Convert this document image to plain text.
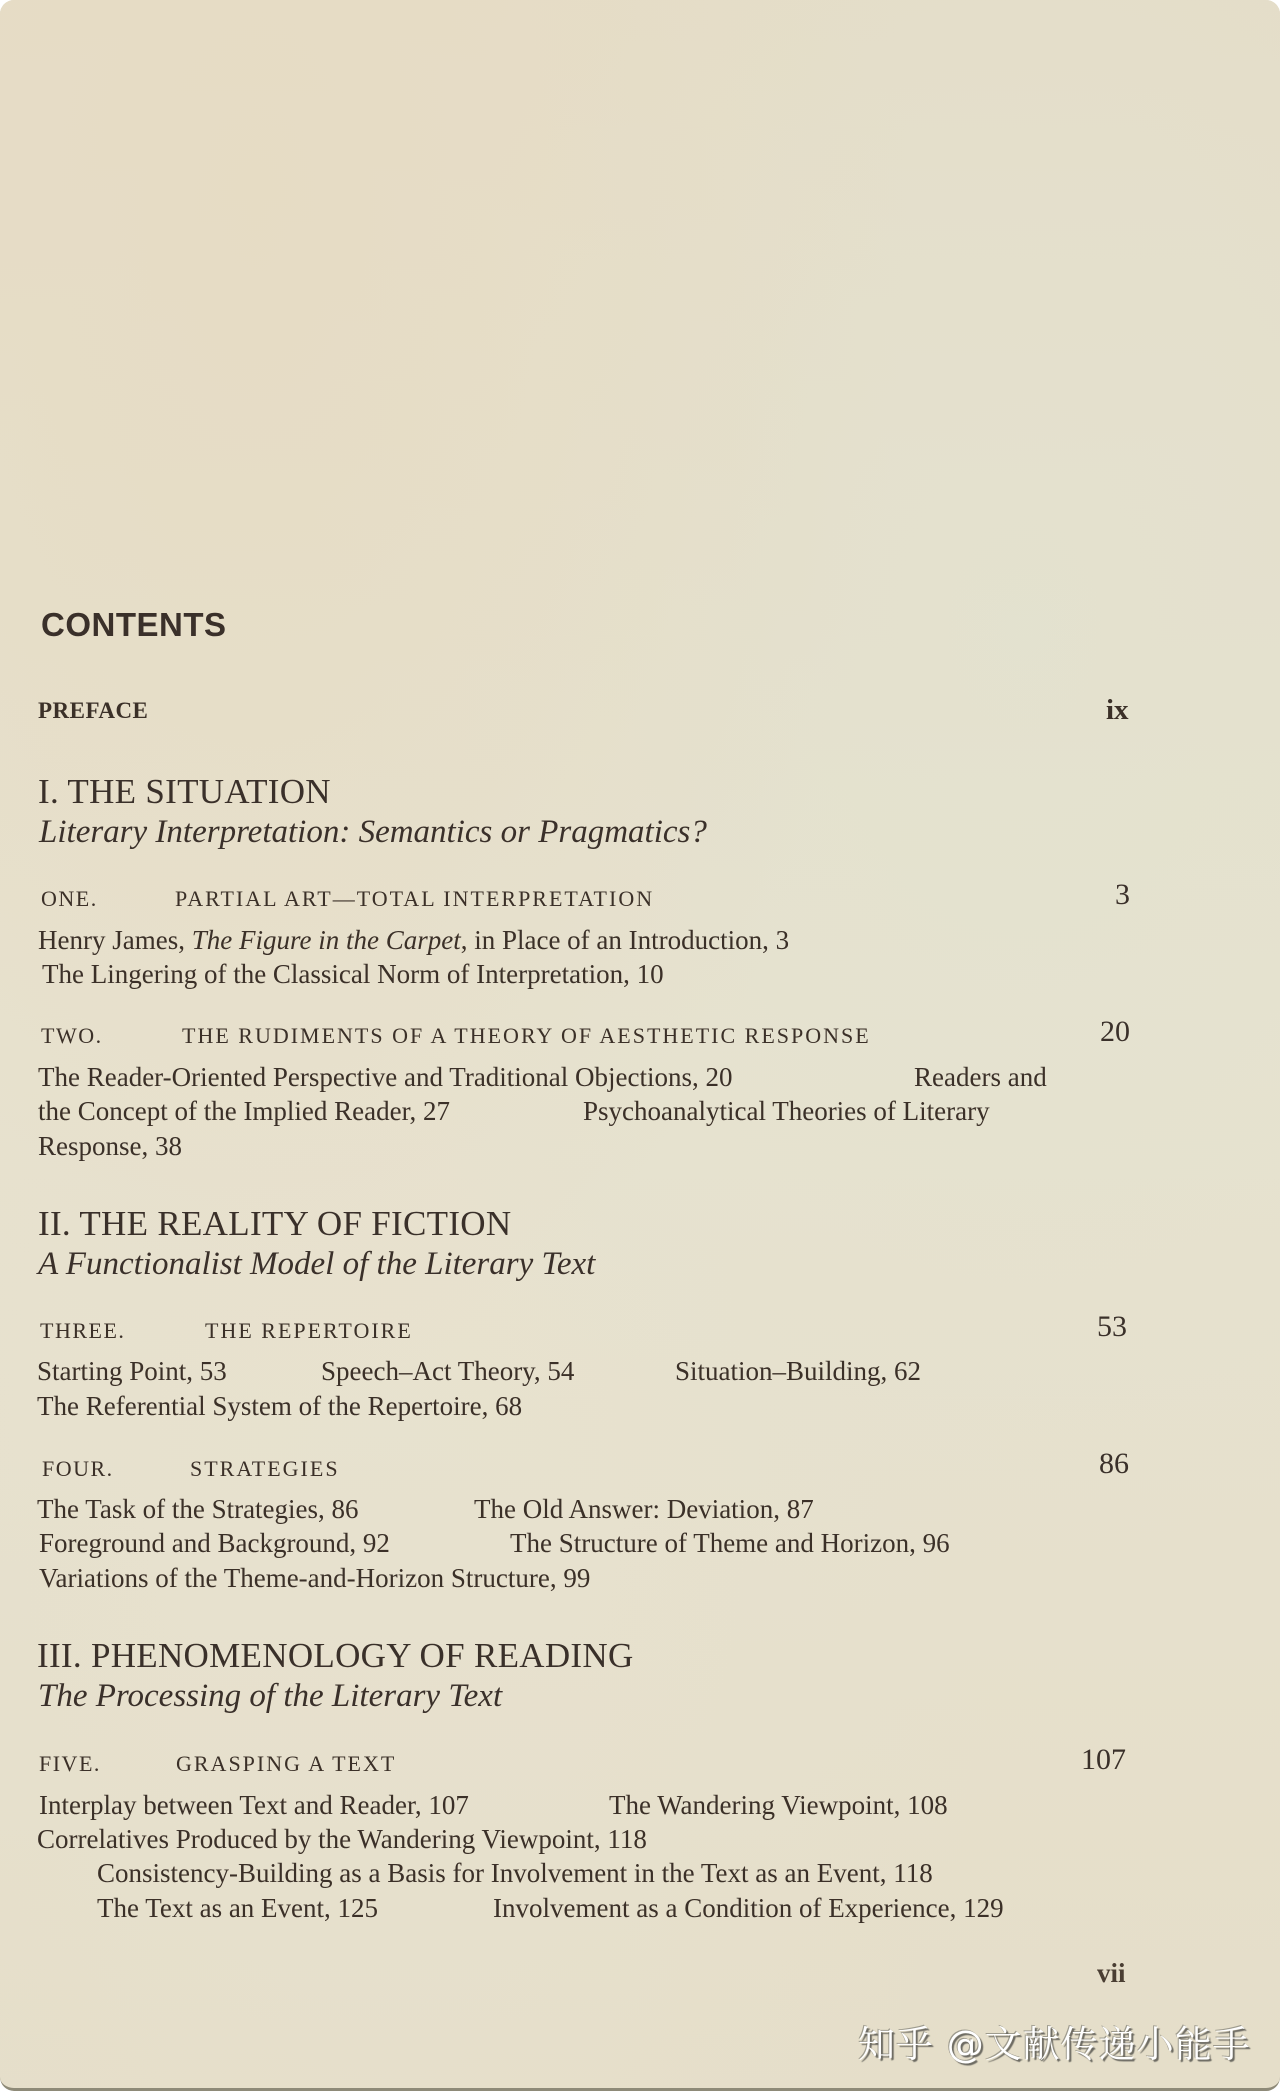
CONTENTS
PREFACE	ix
I. THE SITUATION
Literary Interpretation: Semantics or Pragmatics?
ONE.	PARTIAL ART—TOTAL INTERPRETATION	3
Henry James, The Figure in the Carpet, in Place of an Introduction, 3
The Lingering of the Classical Norm of Interpretation, 10
TWO.	THE RUDIMENTS OF A THEORY OF AESTHETIC RESPONSE	20
The Reader-Oriented Perspective and Traditional Objections, 20	Readers and
the Concept of the Implied Reader, 27	Psychoanalytical Theories of Literary
Response, 38
II. THE REALITY OF FICTION
A Functionalist Model of the Literary Text
THREE.	THE REPERTOIRE	53
Starting Point, 53	Speech–Act Theory, 54	Situation–Building, 62
The Referential System of the Repertoire, 68
FOUR.	STRATEGIES	86
The Task of the Strategies, 86	The Old Answer: Deviation, 87
Foreground and Background, 92	The Structure of Theme and Horizon, 96
Variations of the Theme-and-Horizon Structure, 99
III. PHENOMENOLOGY OF READING
The Processing of the Literary Text
FIVE.	GRASPING A TEXT	107
Interplay between Text and Reader, 107	The Wandering Viewpoint, 108
Correlatives Produced by the Wandering Viewpoint, 118
Consistency-Building as a Basis for Involvement in the Text as an Event, 118
The Text as an Event, 125	Involvement as a Condition of Experience, 129
vii
知乎 @文献传递小能手
